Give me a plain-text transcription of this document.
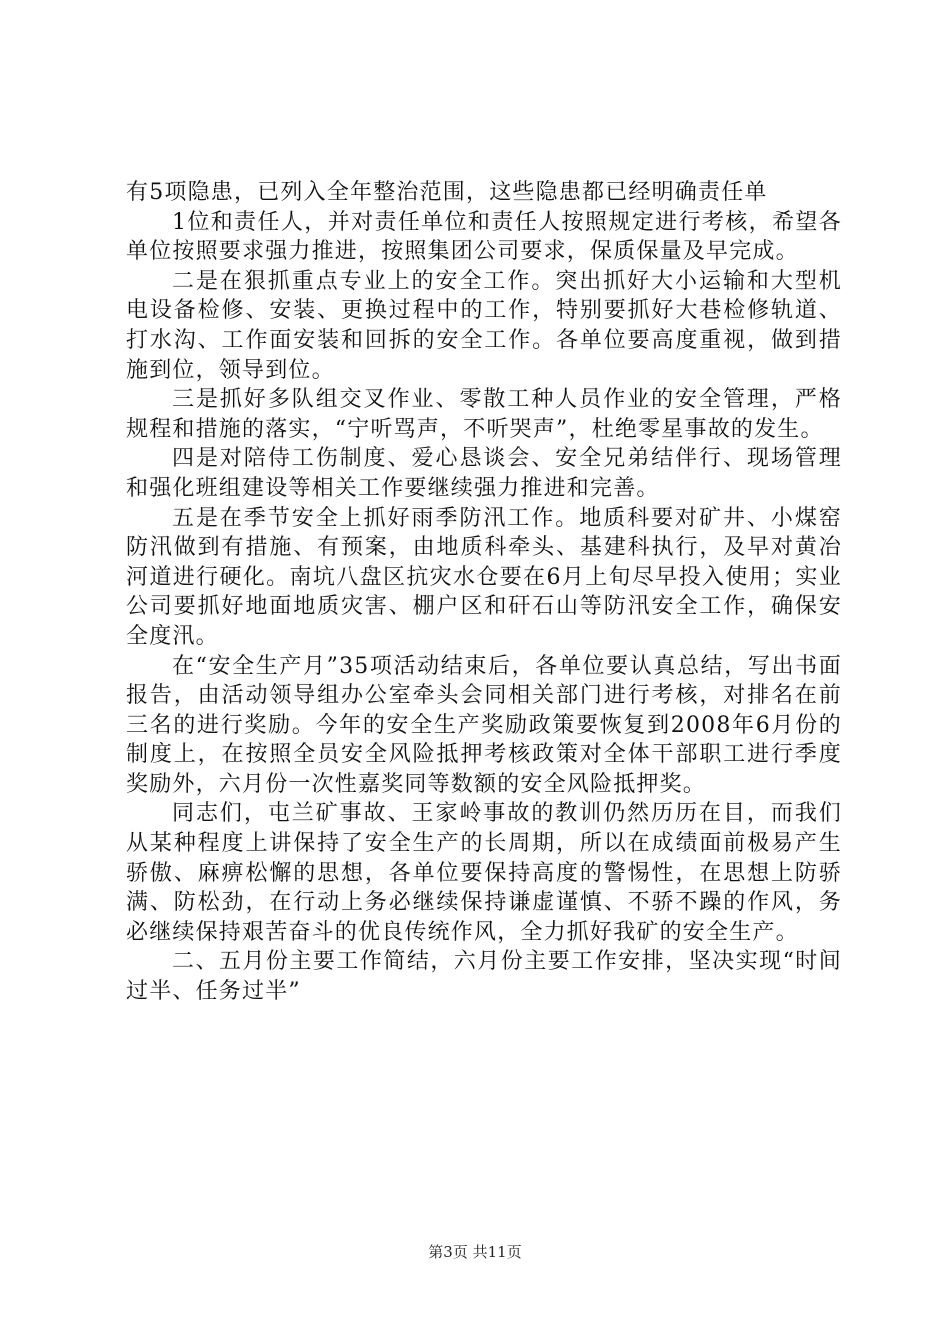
有5项隐患，已列入全年整治范围，这些隐患都已经明确责任单

1位和责任人，并对责任单位和责任人按照规定进行考核，希望各单位按照要求强力推进，按照集团公司要求，保质保量及早完成。

二是在狠抓重点专业上的安全工作。突出抓好大小运输和大型机电设备检修、安装、更换过程中的工作，特别要抓好大巷检修轨道、打水沟、工作面安装和回拆的安全工作。各单位要高度重视，做到措施到位，领导到位。

三是抓好多队组交叉作业、零散工种人员作业的安全管理，严格规程和措施的落实，“宁听骂声，不听哭声”，杜绝零星事故的发生。

四是对陪侍工伤制度、爱心恳谈会、安全兄弟结伴行、现场管理和强化班组建设等相关工作要继续强力推进和完善。

五是在季节安全上抓好雨季防汛工作。地质科要对矿井、小煤窑防汛做到有措施、有预案，由地质科牵头、基建科执行，及早对黄冶河道进行硬化。南坑八盘区抗灾水仓要在6月上旬尽早投入使用；实业公司要抓好地面地质灾害、棚户区和矸石山等防汛安全工作，确保安全度汛。

在“安全生产月”35项活动结束后，各单位要认真总结，写出书面报告，由活动领导组办公室牵头会同相关部门进行考核，对排名在前三名的进行奖励。今年的安全生产奖励政策要恢复到2008年6月份的制度上，在按照全员安全风险抵押考核政策对全体干部职工进行季度奖励外，六月份一次性嘉奖同等数额的安全风险抵押奖。

同志们，屯兰矿事故、王家岭事故的教训仍然历历在目，而我们从某种程度上讲保持了安全生产的长周期，所以在成绩面前极易产生骄傲、麻痹松懈的思想，各单位要保持高度的警惕性，在思想上防骄满、防松劲，在行动上务必继续保持谦虚谨慎、不骄不躁的作风，务必继续保持艰苦奋斗的优良传统作风，全力抓好我矿的安全生产。

二、五月份主要工作简结，六月份主要工作安排，坚决实现“时间过半、任务过半”

第3页 共11页
